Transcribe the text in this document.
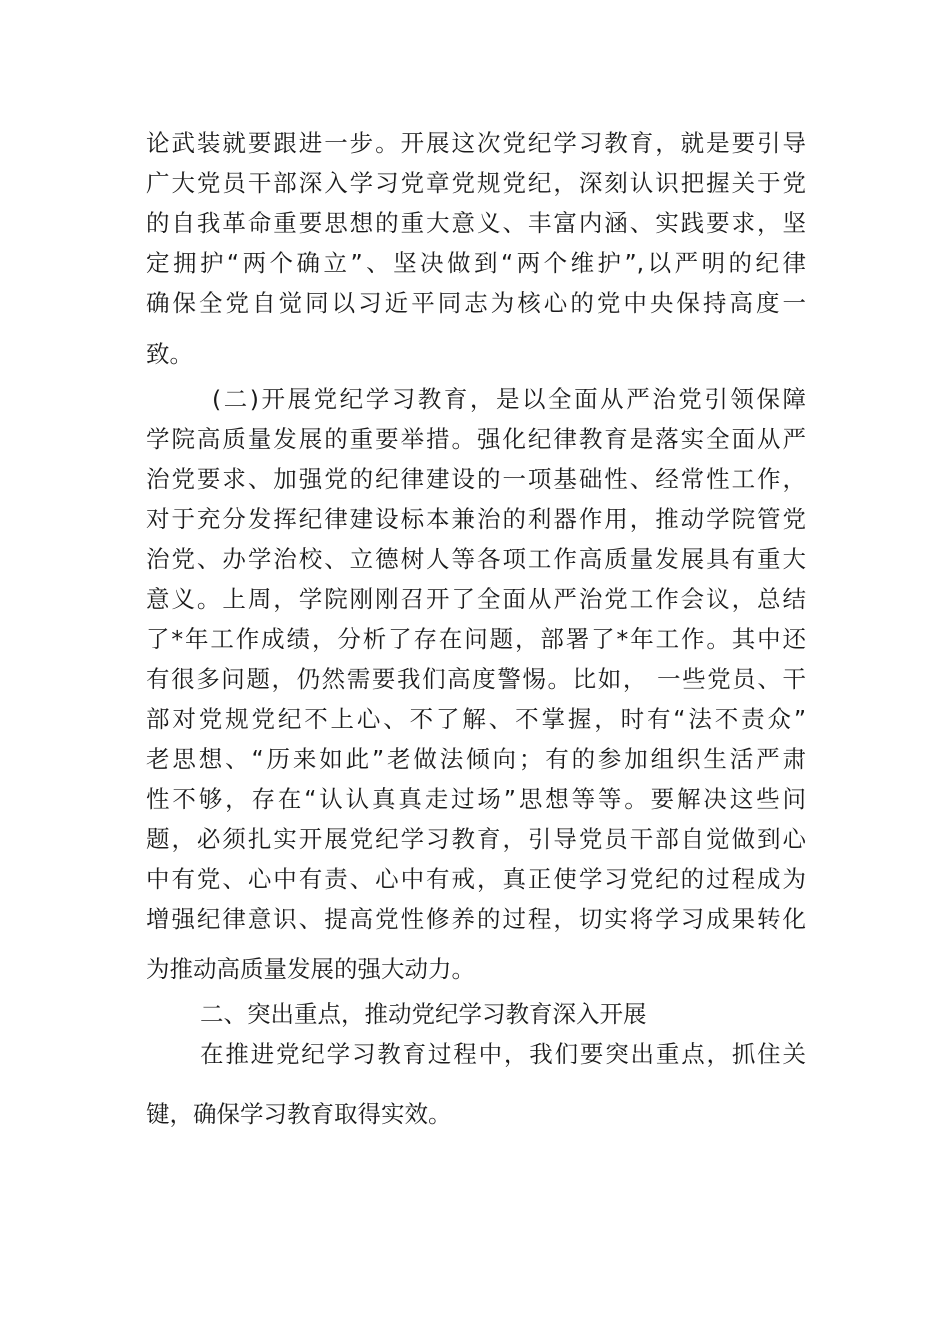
论武装就要跟进一步。开展这次党纪学习教育，就是要引导

广大党员干部深入学习党章党规党纪，深刻认识把握关于党

的自我革命重要思想的重大意义、丰富内涵、实践要求，坚

定拥护“两个确立”、坚决做到“两个维护”,以严明的纪律

确保全党自觉同以习近平同志为核心的党中央保持高度一

致。

(二)开展党纪学习教育，是以全面从严治党引领保障

学院高质量发展的重要举措。强化纪律教育是落实全面从严

治党要求、加强党的纪律建设的一项基础性、经常性工作，

对于充分发挥纪律建设标本兼治的利器作用，推动学院管党

治党、办学治校、立德树人等各项工作高质量发展具有重大

意义。上周，学院刚刚召开了全面从严治党工作会议，总结

了*年工作成绩，分析了存在问题，部署了*年工作。其中还

有很多问题，仍然需要我们高度警惕。比如， 一些党员、干

部对党规党纪不上心、不了解、不掌握，时有“法不责众”

老思想、“历来如此”老做法倾向；有的参加组织生活严肃

性不够，存在“认认真真走过场”思想等等。要解决这些问

题，必须扎实开展党纪学习教育，引导党员干部自觉做到心

中有党、心中有责、心中有戒，真正使学习党纪的过程成为

增强纪律意识、提高党性修养的过程，切实将学习成果转化

为推动高质量发展的强大动力。

二、突出重点，推动党纪学习教育深入开展

在推进党纪学习教育过程中，我们要突出重点，抓住关

键，确保学习教育取得实效。
